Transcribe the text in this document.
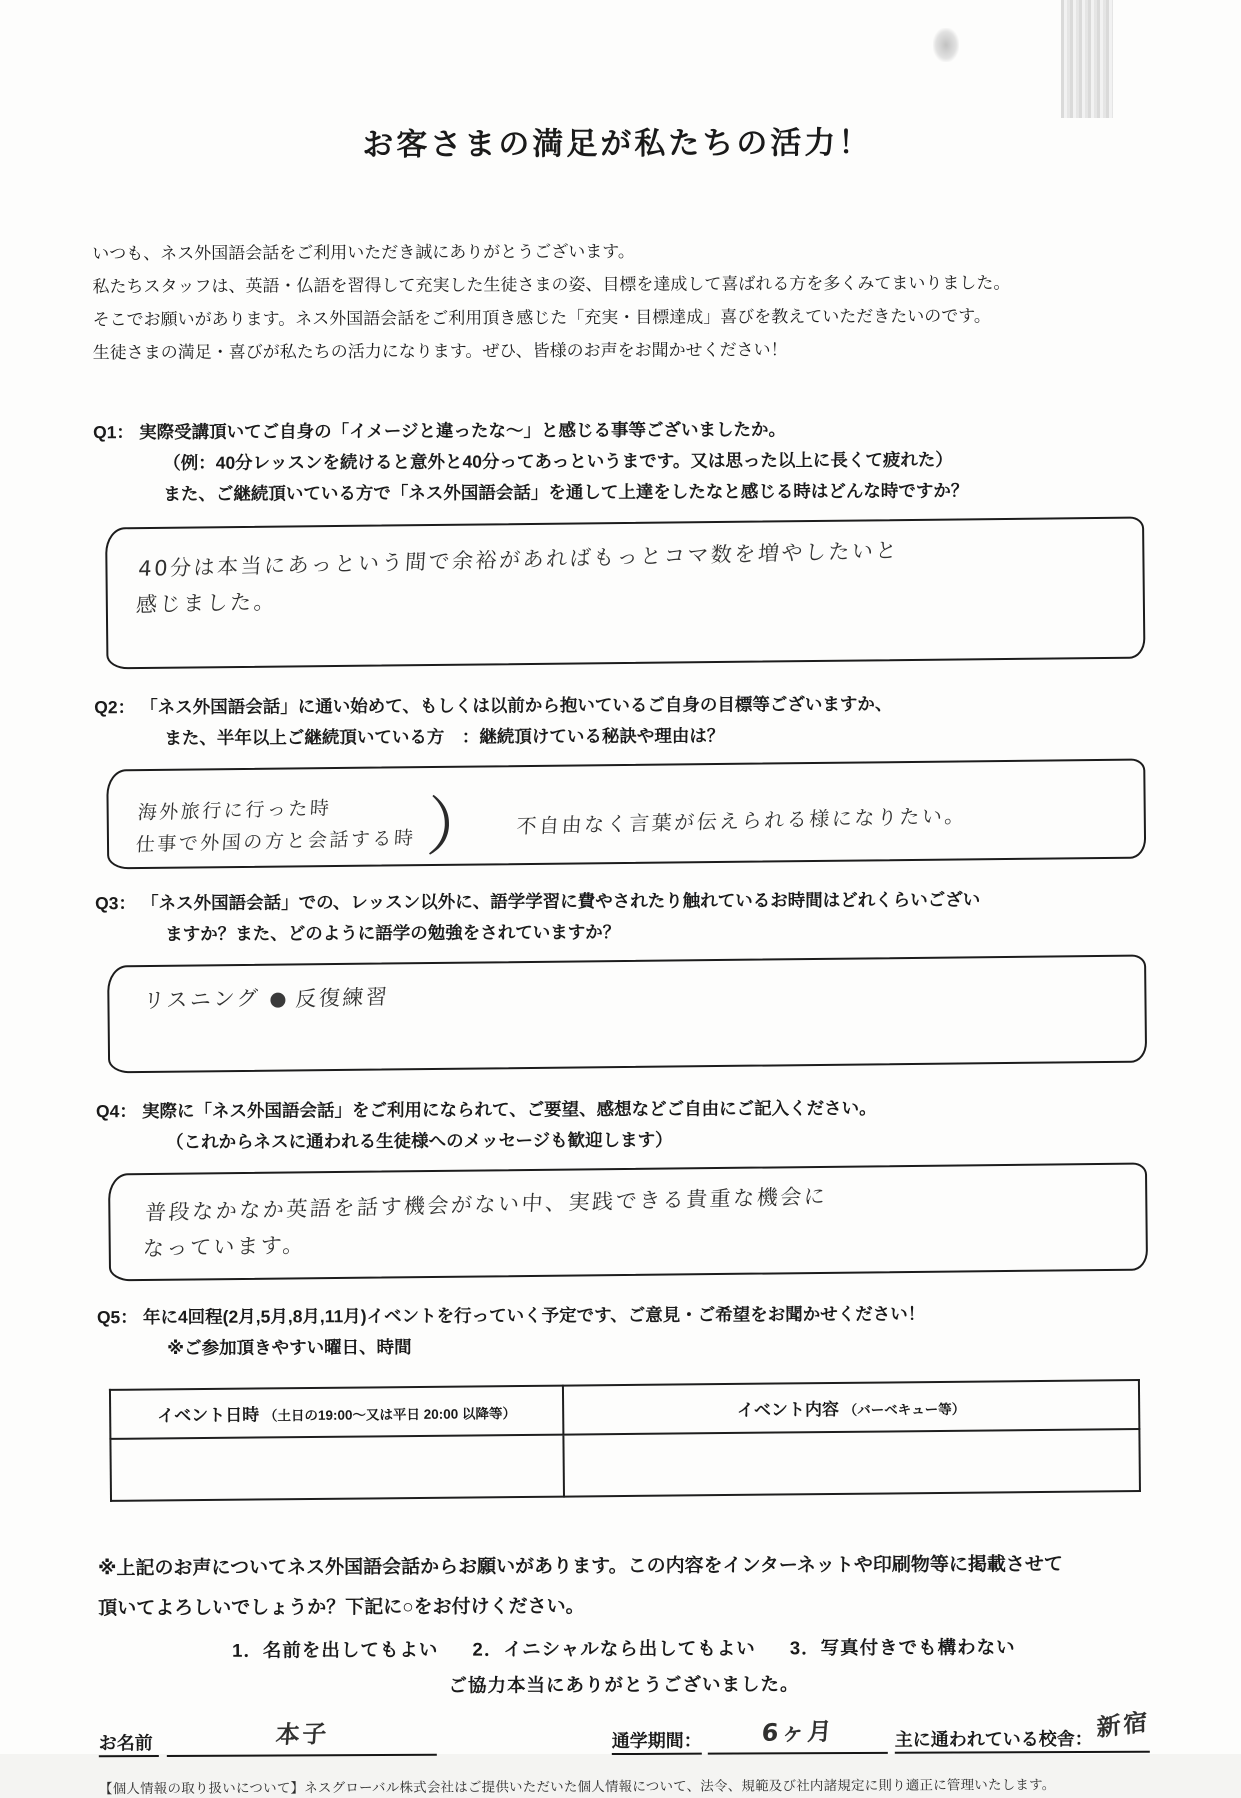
お客さまの満足が私たちの活力！

いつも、ネス外国語会話をご利用いただき誠にありがとうございます。

私たちスタッフは、英語・仏語を習得して充実した生徒さまの姿、目標を達成して喜ばれる方を多くみてまいりました。

そこでお願いがあります。ネス外国語会話をご利用頂き感じた「充実・目標達成」喜びを教えていただきたいのです。

生徒さまの満足・喜びが私たちの活力になります。ぜひ、皆様のお声をお聞かせください！

Q1： 実際受講頂いてご自身の「イメージと違ったな～」と感じる事等ございましたか。
（例：40分レッスンを続けると意外と40分ってあっというまです。又は思った以上に長くて疲れた）
また、ご継続頂いている方で「ネス外国語会話」を通して上達をしたなと感じる時はどんな時ですか？
40分は本当にあっという間で余裕があればもっとコマ数を増やしたいと
感じました。
Q2： 「ネス外国語会話」に通い始めて、もしくは以前から抱いているご自身の目標等ございますか、
また、半年以上ご継続頂いている方　：継続頂けている秘訣や理由は？
海外旅行に行った時
仕事で外国の方と会話する時 ） 不自由なく言葉が伝えられる様になりたい。
Q3： 「ネス外国語会話」での、レッスン以外に、語学学習に費やされたり触れているお時間はどれくらいござい
ますか？また、どのように語学の勉強をされていますか？
リスニング 反復練習
Q4： 実際に「ネス外国語会話」をご利用になられて、ご要望、感想などご自由にご記入ください。
（これからネスに通われる生徒様へのメッセージも歓迎します）
普段なかなか英語を話す機会がない中、実践できる貴重な機会に
なっています。
Q5： 年に4回程(2月,5月,8月,11月)イベントを行っていく予定です、ご意見・ご希望をお聞かせください！
※ご参加頂きやすい曜日、時間
イベント日時 （土日の19:00～又は平日 20:00 以降等）	イベント内容 （バーベキュー等）

※上記のお声についてネス外国語会話からお願いがあります。この内容をインターネットや印刷物等に掲載させて
頂いてよろしいでしょうか？下記に○をお付けください。
1．名前を出してもよい 2．イニシャルなら出してもよい 3．写真付きでも構わない
ご協力本当にありがとうございました。
お名前	本子	通学期間：	6ヶ月	主に通われている校舎： 新宿
【個人情報の取り扱いについて】ネスグローバル株式会社はご提供いただいた個人情報について、法令、規範及び社内諸規定に則り適正に管理いたします。
